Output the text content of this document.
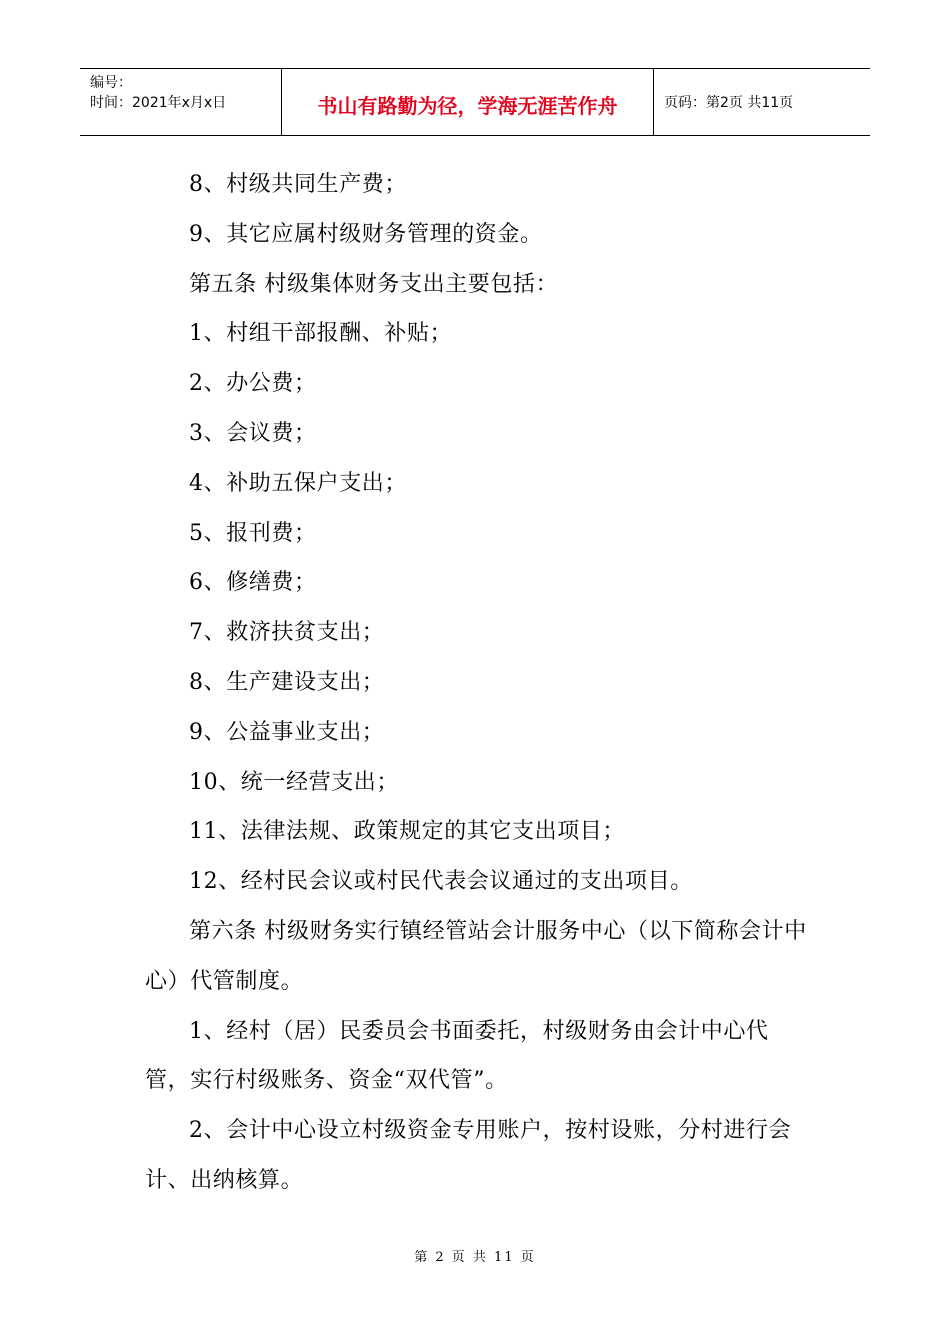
编号：
时间：2021年x月x日	书山有路勤为径，学海无涯苦作舟	页码：第2页 共11页

8、村级共同生产费；

9、其它应属村级财务管理的资金。

第五条 村级集体财务支出主要包括：

1、村组干部报酬、补贴；

2、办公费；

3、会议费；

4、补助五保户支出；

5、报刊费；

6、修缮费；

7、救济扶贫支出；

8、生产建设支出；

9、公益事业支出；

10、统一经营支出；

11、法律法规、政策规定的其它支出项目；

12、经村民会议或村民代表会议通过的支出项目。

第六条 村级财务实行镇经管站会计服务中心（以下简称会计中心）代管制度。

1、经村（居）民委员会书面委托，村级财务由会计中心代管，实行村级账务、资金“双代管”。

2、会计中心设立村级资金专用账户，按村设账，分村进行会计、出纳核算。

第 2 页 共 11 页
